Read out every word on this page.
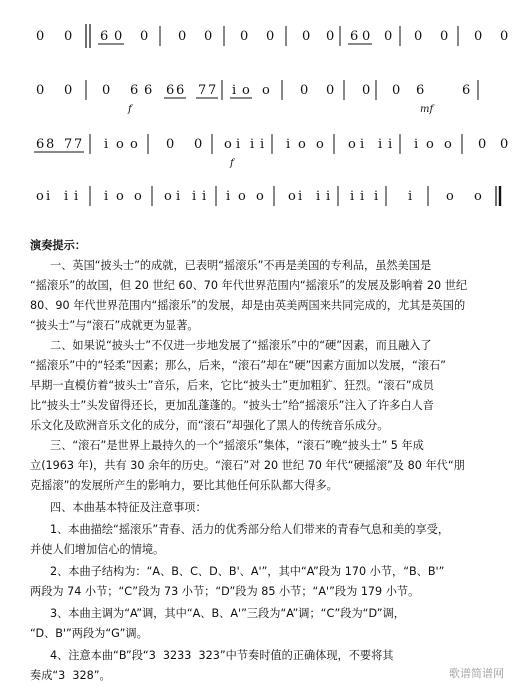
0 0 6 0 0 0 0 0 0 0 0 6 0 0 0 0 0 0
0 0 0 6 6 6 6 7 7 i o o 0 0 0 0 6	6
f	mf
6 8 7 7 i o o 0 0 o i i i i o o o i i i i o o 0 0
f
o i i i i o o o i i i i o o o i i i i i i i	o o
演奏提示：
一、英国“披头士”的成就，已表明“摇滚乐”不再是美国的专利品，虽然美国是
“摇滚乐”的故国，但 20 世纪 60、70 年代世界范围内“摇滚乐”的发展及影响着 20 世纪
80、90 年代世界范围内“摇滚乐”的发展，却是由英美两国来共同完成的，尤其是英国的
“披头士”与“滚石”成就更为显著。
二、如果说“披头士”不仅进一步地发展了“摇滚乐”中的“硬”因素，而且融入了
“摇滚乐”中的“轻柔”因素；那么，后来，“滚石”却在“硬”因素方面加以发展，“滚石”
早期一直模仿着“披头士”音乐，后来，它比“披头士”更加粗犷、狂烈。“滚石”成员
比“披头士”头发留得还长，更加乱蓬蓬的。“披头士”给“摇滚乐”注入了许多白人音
乐文化及欧洲音乐文化的成分，而“滚石”却强化了黑人的传统音乐成分。
三、“滚石”是世界上最持久的一个“摇滚乐”集体，“滚石”晚“披头士” 5 年成
立(1963 年)，共有 30 余年的历史。“滚石”对 20 世纪 70 年代“硬摇滚”及 80 年代“朋
克摇滚”的发展所产生的影响力，要比其他任何乐队都大得多。
四、本曲基本特征及注意事项：
1、本曲描绘“摇滚乐”青春、活力的优秀部分给人们带来的青春气息和美的享受，
并使人们增加信心的情境。
2、本曲子结构为：“A、B、C、D、B'、A'”，其中“A”段为 170 小节，“B、B'”
两段为 74 小节；“C”段为 73 小节；“D”段为 85 小节；“A'”段为 179 小节。
3、本曲主调为“A”调，其中“A、B、A'”三段为“A”调；“C”段为“D”调，
“D、B'”两段为“G”调。
4、注意本曲“B”段“3  3233  323”中节奏时值的正确体现，不要将其
奏成“3  328”。	歌谱简谱网
